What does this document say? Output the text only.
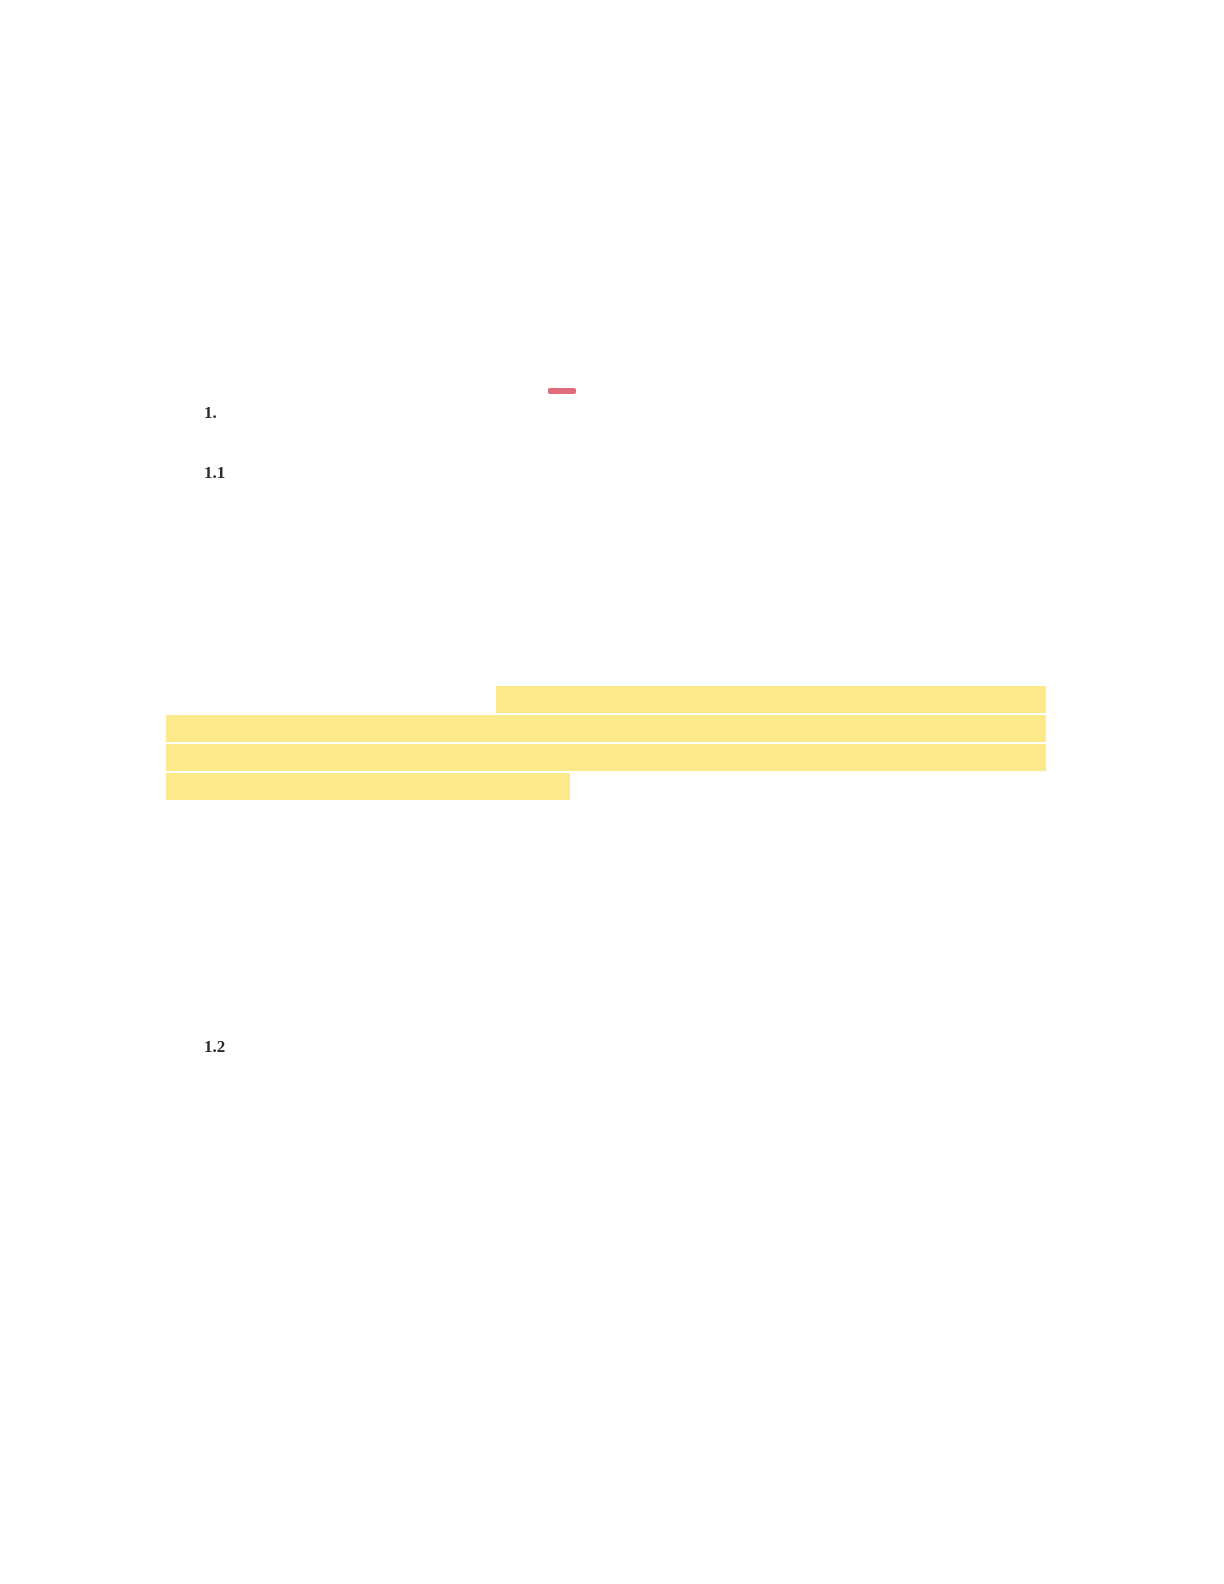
1.
1.1
1.2
